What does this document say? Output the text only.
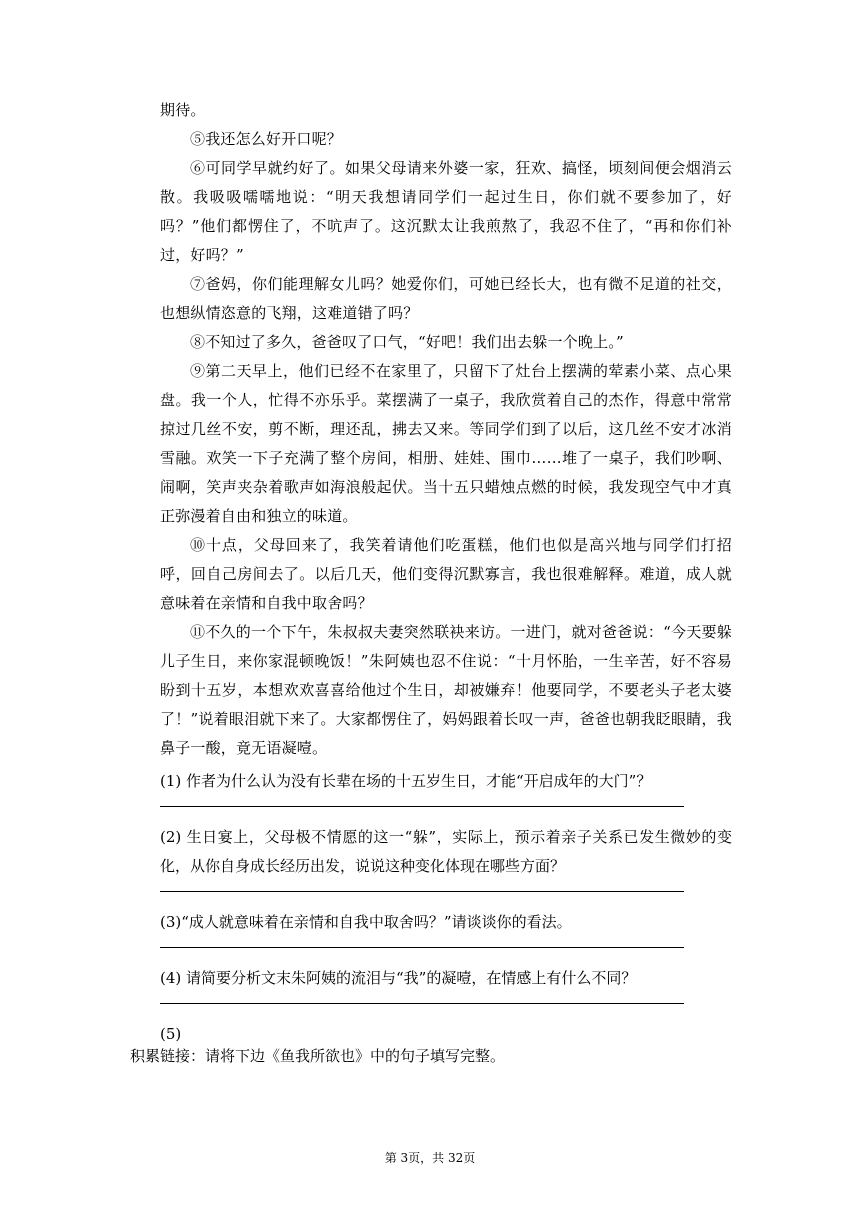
期待。

⑤我还怎么好开口呢？

⑥可同学早就约好了。如果父母请来外婆一家，狂欢、搞怪，顷刻间便会烟消云散。我吸吸嚅嚅地说：“明天我想请同学们一起过生日，你们就不要参加了，好吗？”他们都愣住了，不吭声了。这沉默太让我煎熬了，我忍不住了，“再和你们补过，好吗？”

⑦爸妈，你们能理解女儿吗？她爱你们，可她已经长大，也有微不足道的社交，也想纵情恣意的飞翔，这难道错了吗？

⑧不知过了多久，爸爸叹了口气，“好吧！我们出去躲一个晚上。”

⑨第二天早上，他们已经不在家里了，只留下了灶台上摆满的荤素小菜、点心果盘。我一个人，忙得不亦乐乎。菜摆满了一桌子，我欣赏着自己的杰作，得意中常常掠过几丝不安，剪不断，理还乱，拂去又来。等同学们到了以后，这几丝不安才冰消雪融。欢笑一下子充满了整个房间，相册、娃娃、围巾……堆了一桌子，我们吵啊、闹啊，笑声夹杂着歌声如海浪般起伏。当十五只蜡烛点燃的时候，我发现空气中才真正弥漫着自由和独立的味道。

⑩十点，父母回来了，我笑着请他们吃蛋糕，他们也似是高兴地与同学们打招呼，回自己房间去了。以后几天，他们变得沉默寡言，我也很难解释。难道，成人就意味着在亲情和自我中取舍吗？

⑪不久的一个下午，朱叔叔夫妻突然联袂来访。一进门，就对爸爸说：“今天要躲儿子生日，来你家混顿晚饭！”朱阿姨也忍不住说：“十月怀胎，一生辛苦，好不容易盼到十五岁，本想欢欢喜喜给他过个生日，却被嫌弃！他要同学，不要老头子老太婆了！”说着眼泪就下来了。大家都愣住了，妈妈跟着长叹一声，爸爸也朝我眨眼睛，我鼻子一酸，竟无语凝噎。

(1) 作者为什么认为没有长辈在场的十五岁生日，才能“开启成年的大门”？

(2) 生日宴上，父母极不情愿的这一“躲”，实际上，预示着亲子关系已发生微妙的变化，从你自身成长经历出发，说说这种变化体现在哪些方面？

(3)“成人就意味着在亲情和自我中取舍吗？”请谈谈你的看法。

(4) 请简要分析文末朱阿姨的流泪与“我”的凝噎，在情感上有什么不同？

(5)

积累链接：请将下边《鱼我所欲也》中的句子填写完整。
第 3页，共 32页
